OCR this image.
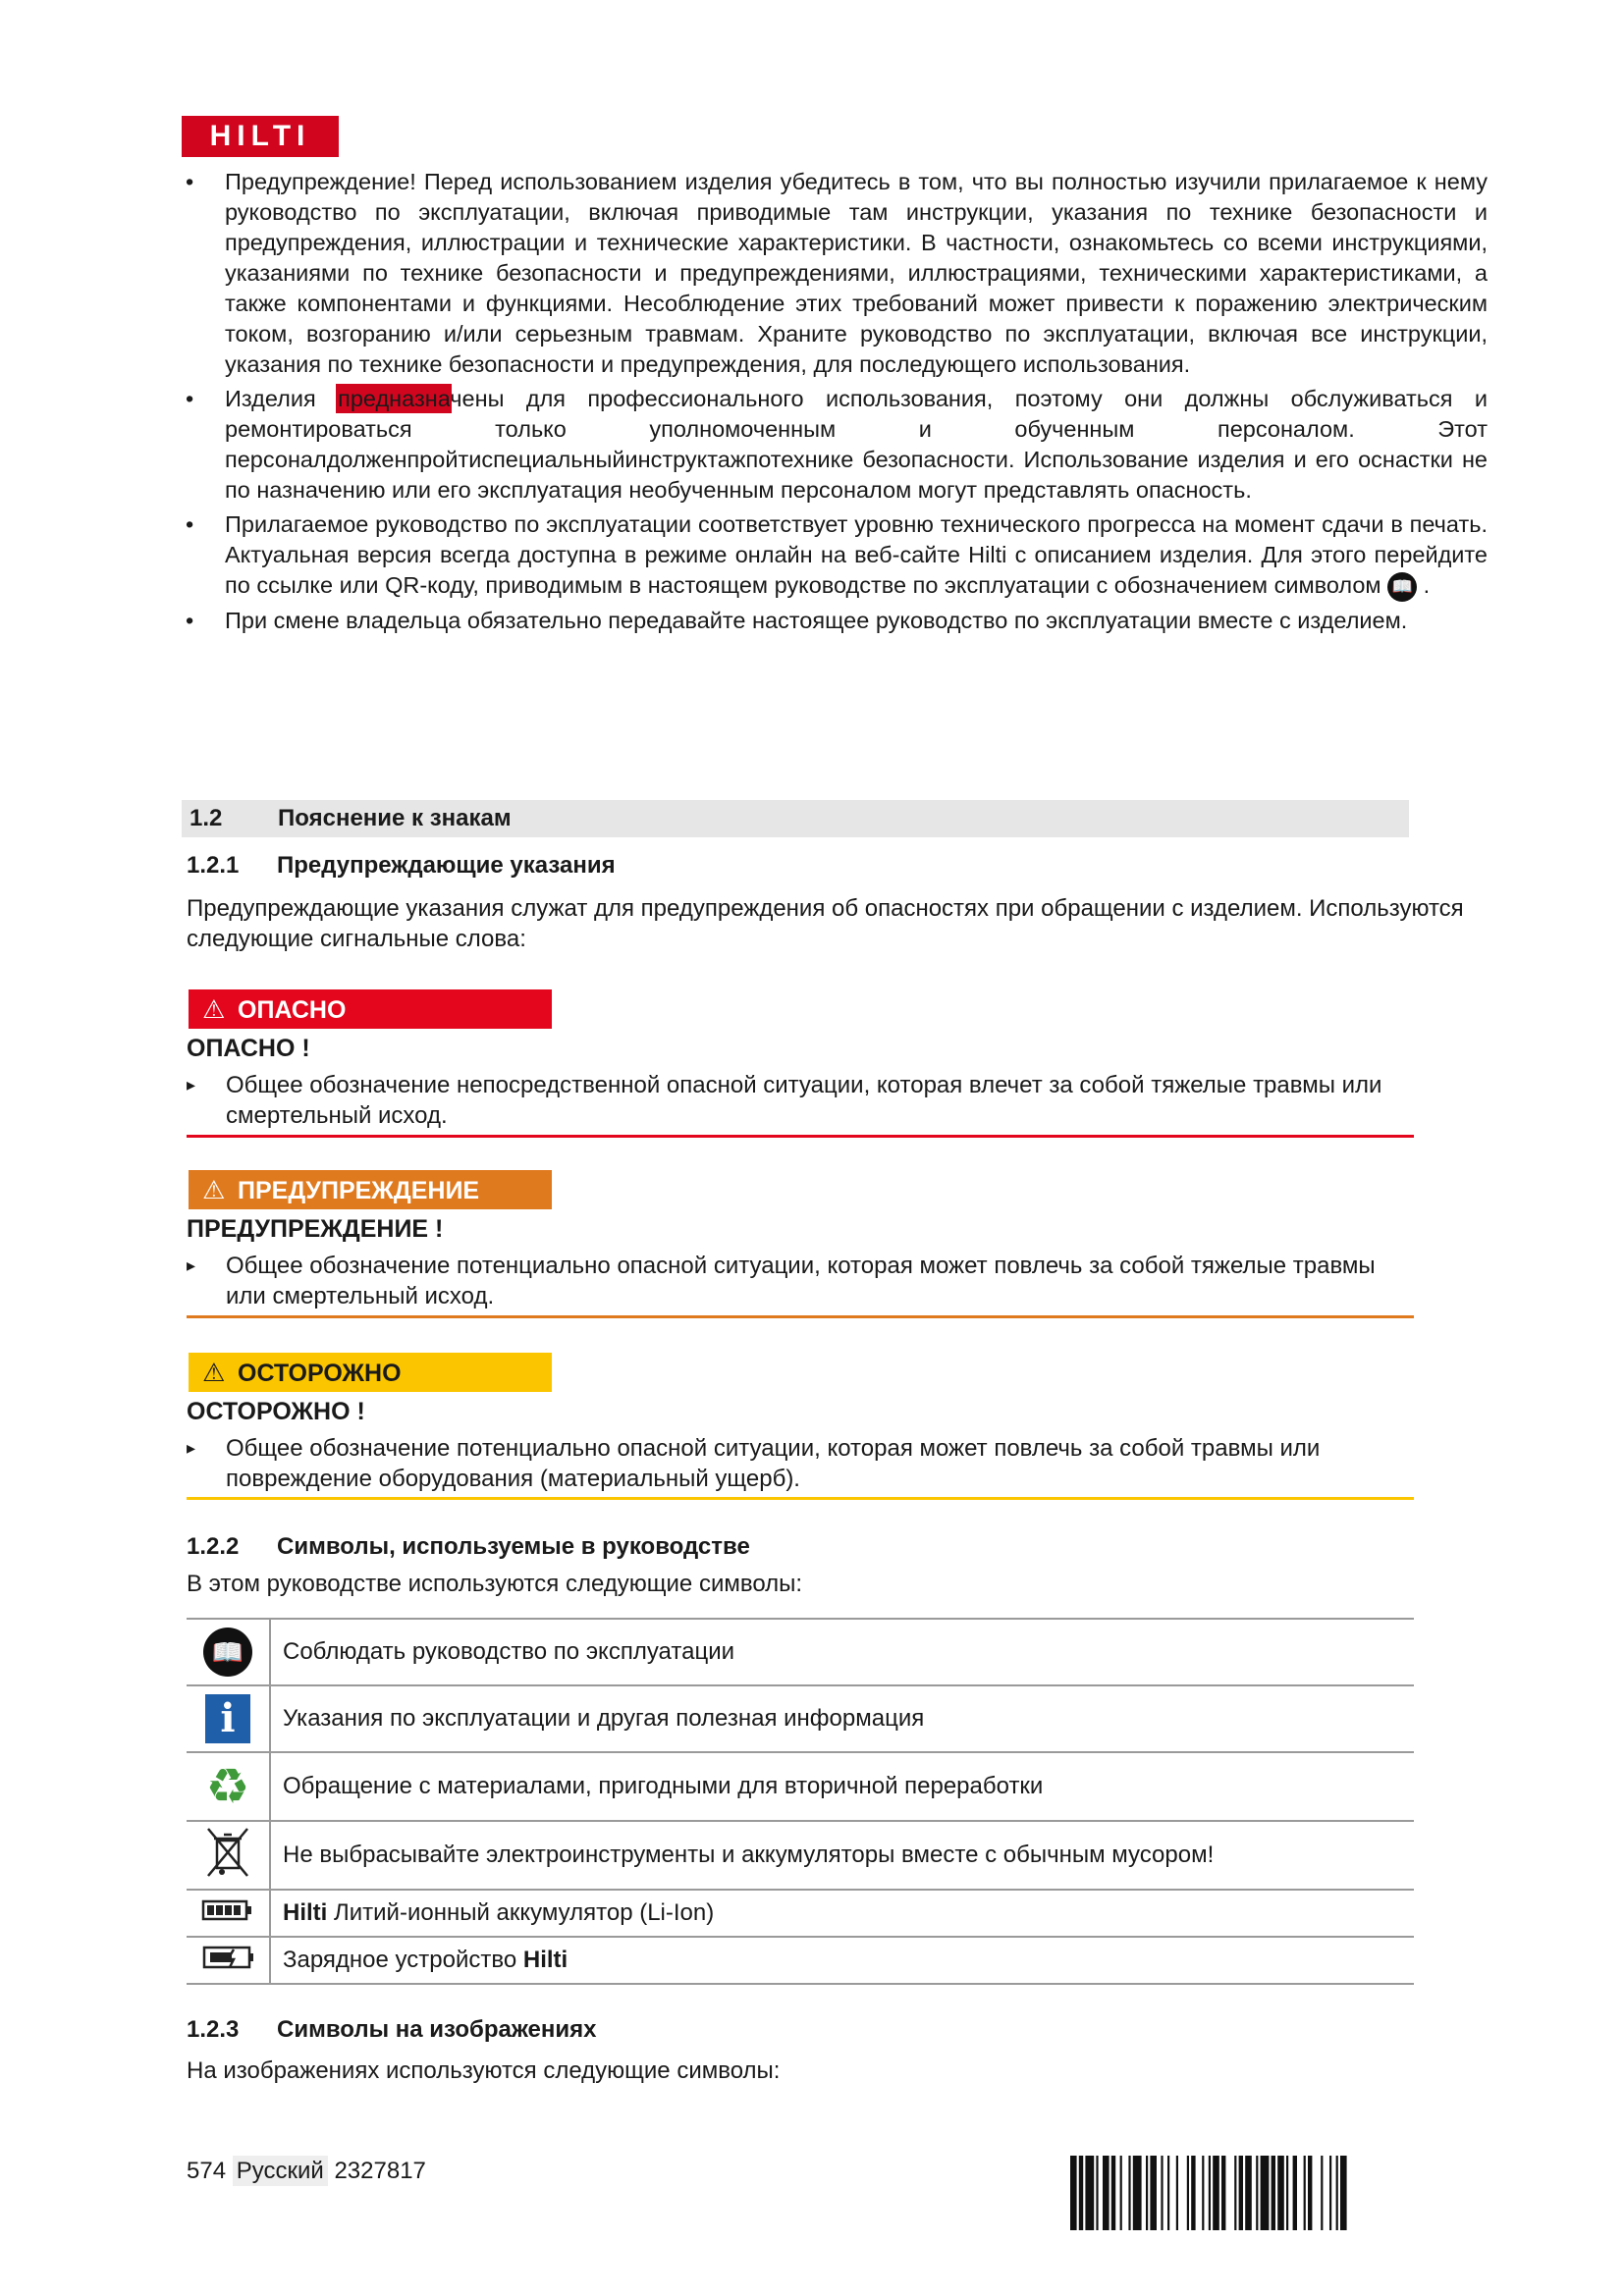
HILTI
• Предупреждение! Перед использованием изделия убедитесь в том, что вы полностью изучили прилагаемое к нему руководство по эксплуатации, включая приводимые там инструкции, указания по технике безопасности и предупреждения, иллюстрации и технические характеристики. В частности, ознакомьтесь со всеми инструкциями, указаниями по технике безопасности и предупреждениями, иллюстрациями, техническими характеристиками, а также компонентами и функциями. Несоблюдение этих требований может привести к поражению электрическим током, возгоранию и/или серьезным травмам. Храните руководство по эксплуатации, включая все инструкции, указания по технике безопасности и предупреждения, для последующего использования.
• Изделия предназначены для профессионального использования, поэтому они должны обслуживаться и ремонтироваться только уполномоченным и обученным персоналом. Этот персоналдолженпройтиспециальныйинструктажпотехнике безопасности. Использование изделия и его оснастки не по назначению или его эксплуатация необученным персоналом могут представлять опасность.
• Прилагаемое руководство по эксплуатации соответствует уровню технического прогресса на момент сдачи в печать. Актуальная версия всегда доступна в режиме онлайн на веб-сайте Hilti с описанием изделия. Для этого перейдите по ссылке или QR-коду, приводимым в настоящем руководстве по эксплуатации с обозначением символом 📖 .
• При смене владельца обязательно передавайте настоящее руководство по эксплуатации вместе с изделием.
1.2 Пояснение к знакам
1.2.1 Предупреждающие указания
Предупреждающие указания служат для предупреждения об опасностях при обращении с изделием. Используются следующие сигнальные слова:
⚠ ОПАСНО
ОПАСНО !
▸ Общее обозначение непосредственной опасной ситуации, которая влечет за собой тяжелые травмы или смертельный исход.
⚠ ПРЕДУПРЕЖДЕНИЕ
ПРЕДУПРЕЖДЕНИЕ !
▸ Общее обозначение потенциально опасной ситуации, которая может повлечь за собой тяжелые травмы или смертельный исход.
⚠ ОСТОРОЖНО
ОСТОРОЖНО !
▸ Общее обозначение потенциально опасной ситуации, которая может повлечь за собой травмы или повреждение оборудования (материальный ущерб).
1.2.2 Символы, используемые в руководстве
В этом руководстве используются следующие символы:
📖	Соблюдать руководство по эксплуатации
i	Указания по эксплуатации и другая полезная информация
♻	Обращение с материалами, пригодными для вторичной переработки
	Не выбрасывайте электроинструменты и аккумуляторы вместе с обычным мусором!
	Hilti Литий-ионный аккумулятор (Li-Ion)
	Зарядное устройство Hilti
1.2.3 Символы на изображениях
На изображениях используются следующие символы:
574 Русский 2327817
